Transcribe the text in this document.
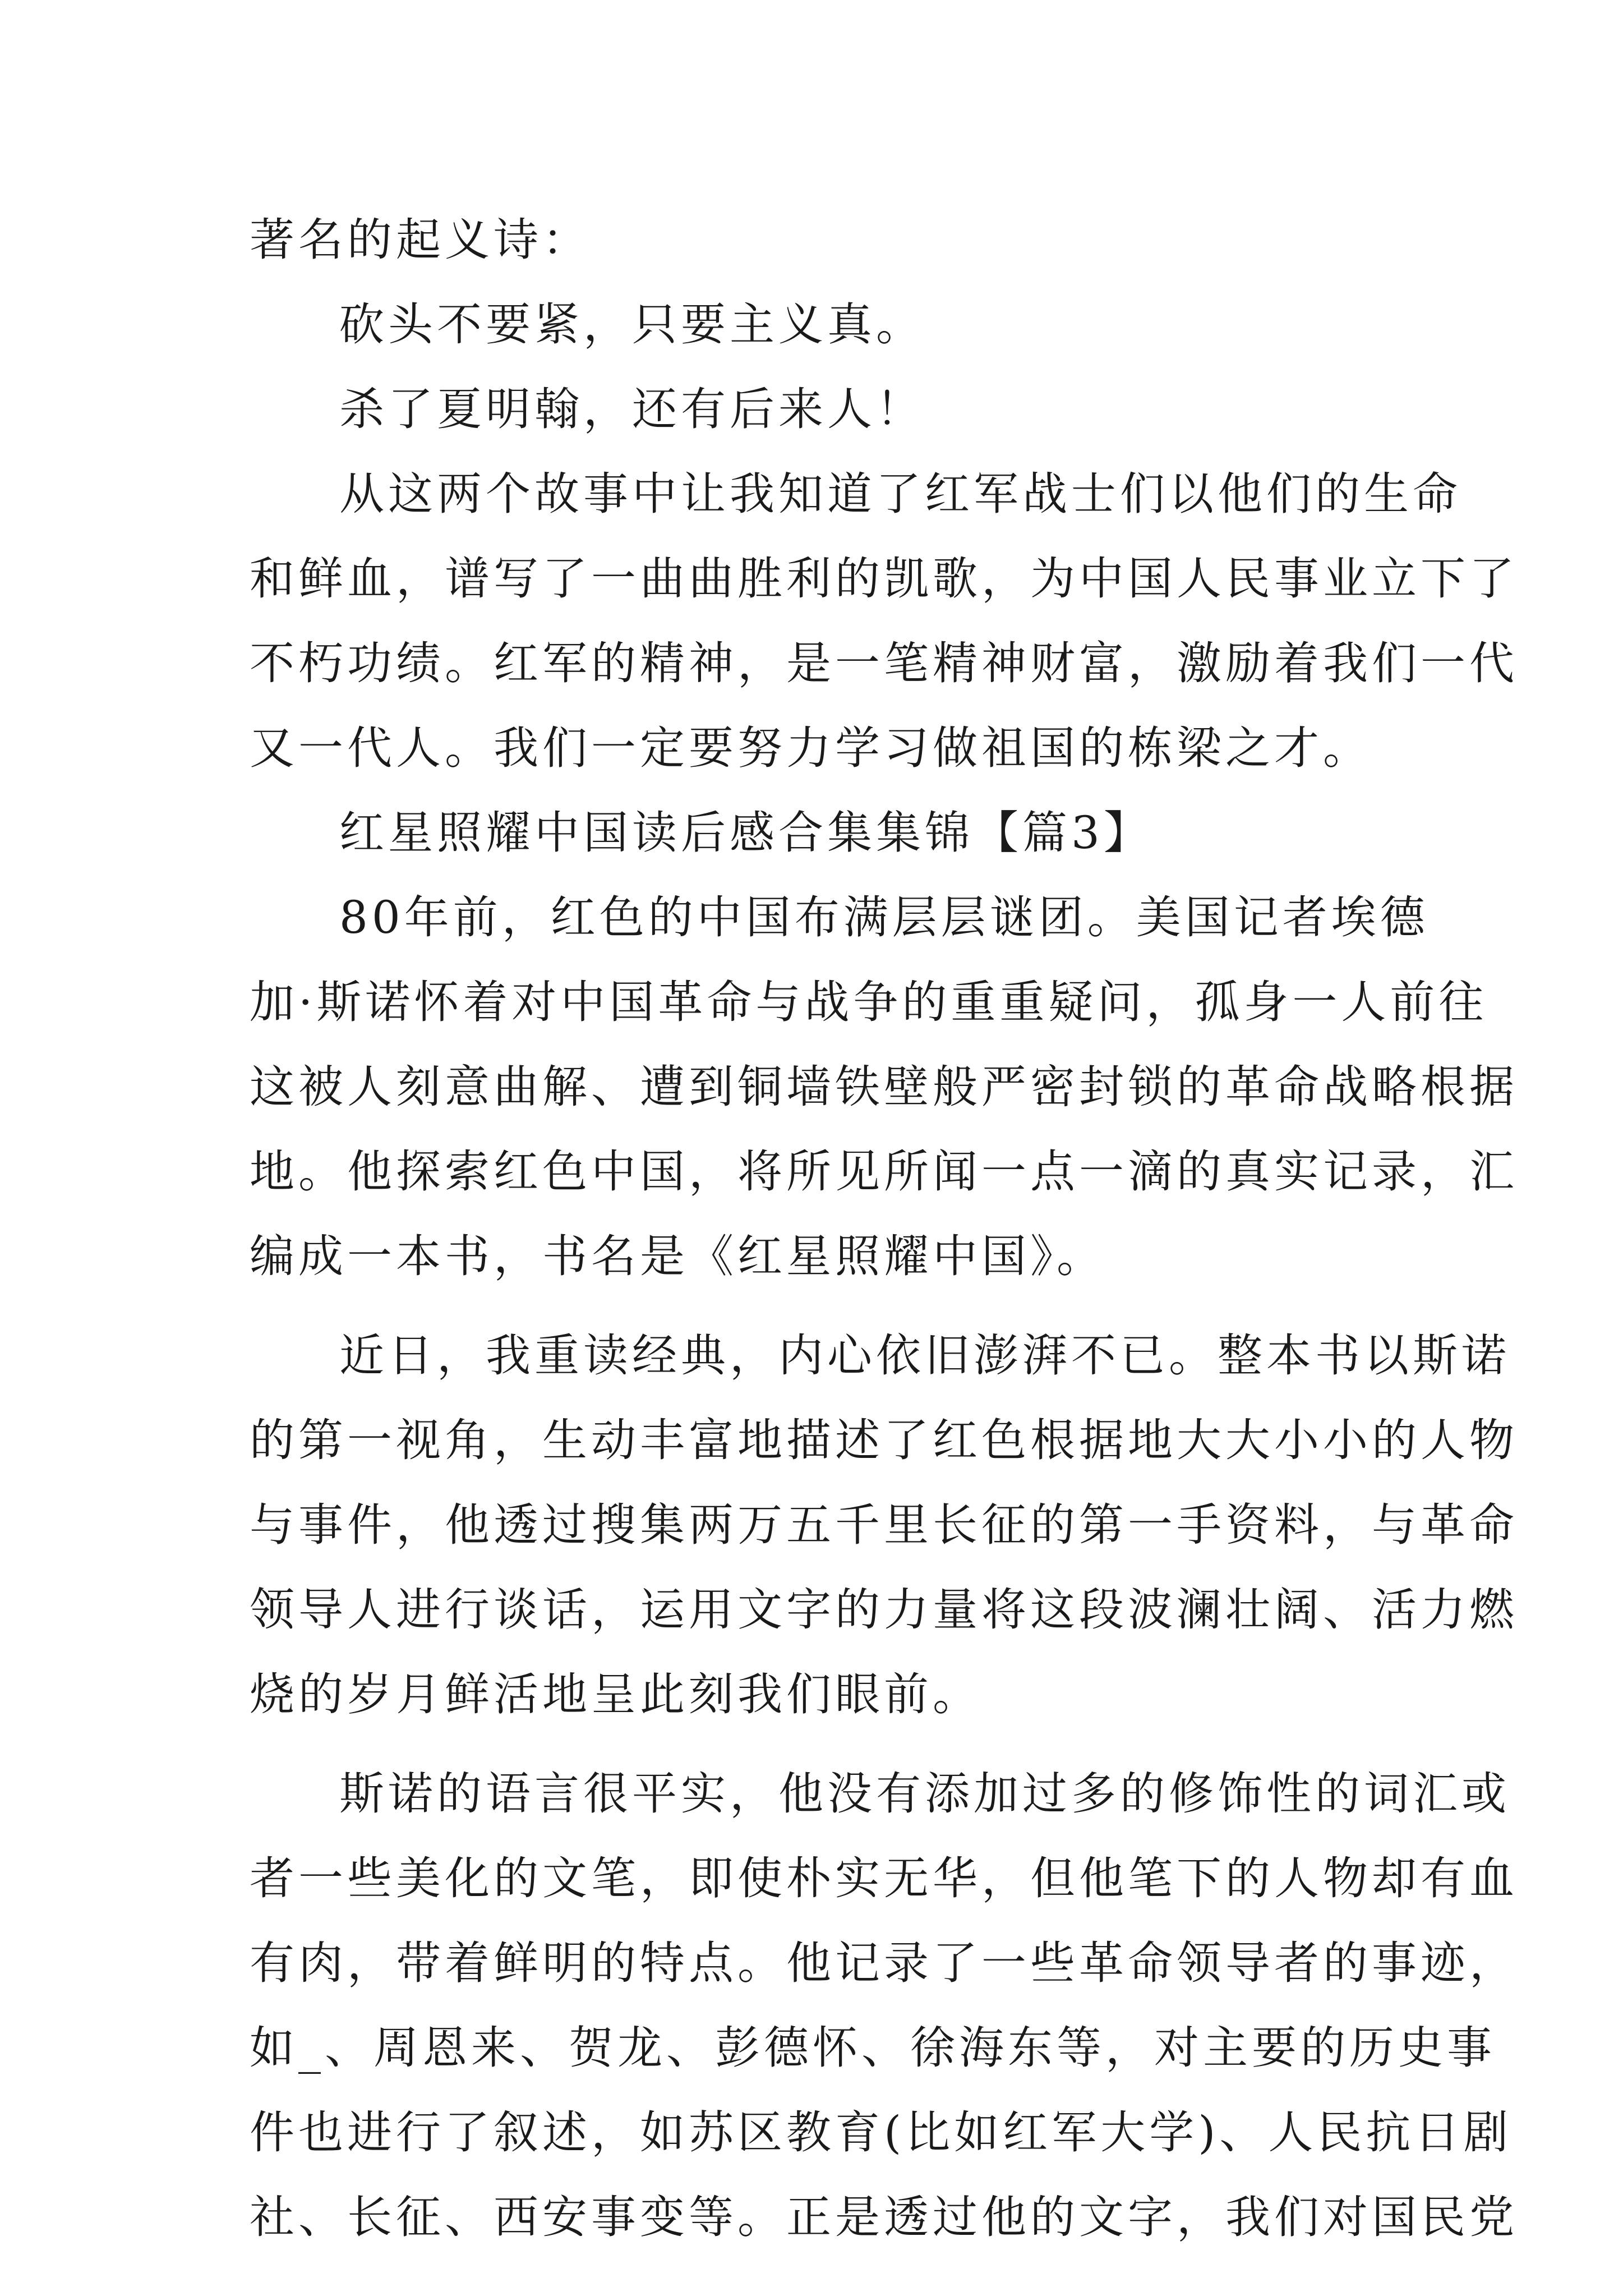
著名的起义诗：
砍头不要紧，只要主义真。
杀了夏明翰，还有后来人！
从这两个故事中让我知道了红军战士们以他们的生命
和鲜血，谱写了一曲曲胜利的凯歌，为中国人民事业立下了
不朽功绩。红军的精神，是一笔精神财富，激励着我们一代
又一代人。我们一定要努力学习做祖国的栋梁之才。
红星照耀中国读后感合集集锦【篇3】
80年前，红色的中国布满层层谜团。美国记者埃德
加·斯诺怀着对中国革命与战争的重重疑问，孤身一人前往
这被人刻意曲解、遭到铜墙铁壁般严密封锁的革命战略根据
地。他探索红色中国，将所见所闻一点一滴的真实记录，汇
编成一本书，书名是《红星照耀中国》。
近日，我重读经典，内心依旧澎湃不已。整本书以斯诺
的第一视角，生动丰富地描述了红色根据地大大小小的人物
与事件，他透过搜集两万五千里长征的第一手资料，与革命
领导人进行谈话，运用文字的力量将这段波澜壮阔、活力燃
烧的岁月鲜活地呈此刻我们眼前。
斯诺的语言很平实，他没有添加过多的修饰性的词汇或
者一些美化的文笔，即使朴实无华，但他笔下的人物却有血
有肉，带着鲜明的特点。他记录了一些革命领导者的事迹，
如_、周恩来、贺龙、彭德怀、徐海东等，对主要的历史事
件也进行了叙述，如苏区教育(比如红军大学)、人民抗日剧
社、长征、西安事变等。正是透过他的文字，我们对国民党
